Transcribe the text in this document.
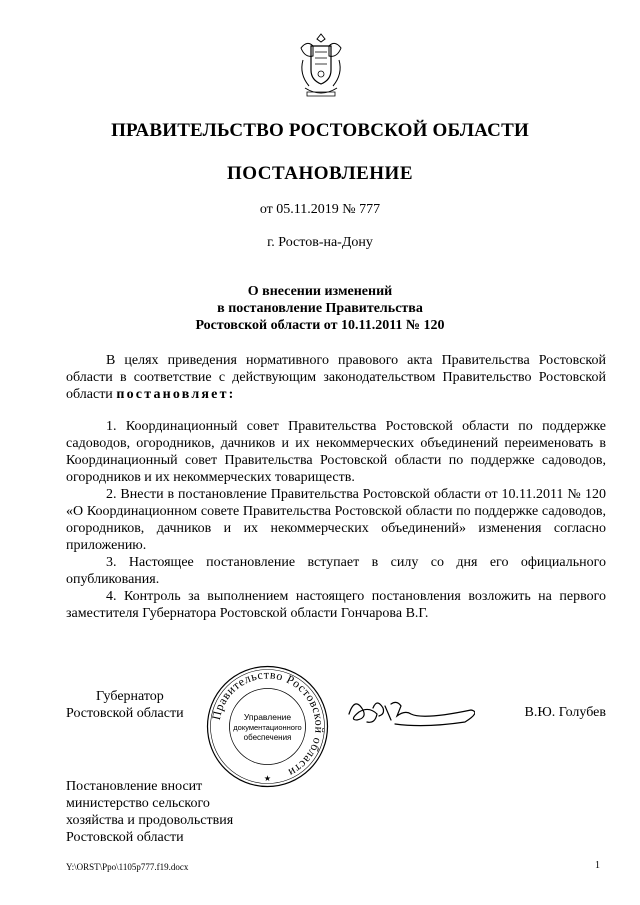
ПРАВИТЕЛЬСТВО РОСТОВСКОЙ ОБЛАСТИ
ПОСТАНОВЛЕНИЕ
от 05.11.2019 № 777
г. Ростов-на-Дону
О внесении изменений
в постановление Правительства
Ростовской области от 10.11.2011 № 120

В целях приведения нормативного правового акта Правительства Ростовской области в соответствие с действующим законодательством Правительство Ростовской области постановляет:

1. Координационный совет Правительства Ростовской области по поддержке садоводов, огородников, дачников и их некоммерческих объединений переименовать в Координационный совет Правительства Ростовской области по поддержке садоводов, огородников и их некоммерческих товариществ.

2. Внести в постановление Правительства Ростовской области от 10.11.2011 № 120 «О Координационном совете Правительства Ростовской области по поддержке садоводов, огородников, дачников и их некоммерческих объединений» изменения согласно приложению.

3. Настоящее постановление вступает в силу со дня его официального опубликования.

4. Контроль за выполнением настоящего постановления возложить на первого заместителя Губернатора Ростовской области Гончарова В.Г.

Губернатор
Ростовской области Правительство Ростовской области
Управление
документационного
обеспечения
★
В.Ю. Голубев
Постановление вносит
министерство сельского
хозяйства и продовольствия
Ростовской области
Y:\ORST\Ppo\1105p777.f19.docx	1
